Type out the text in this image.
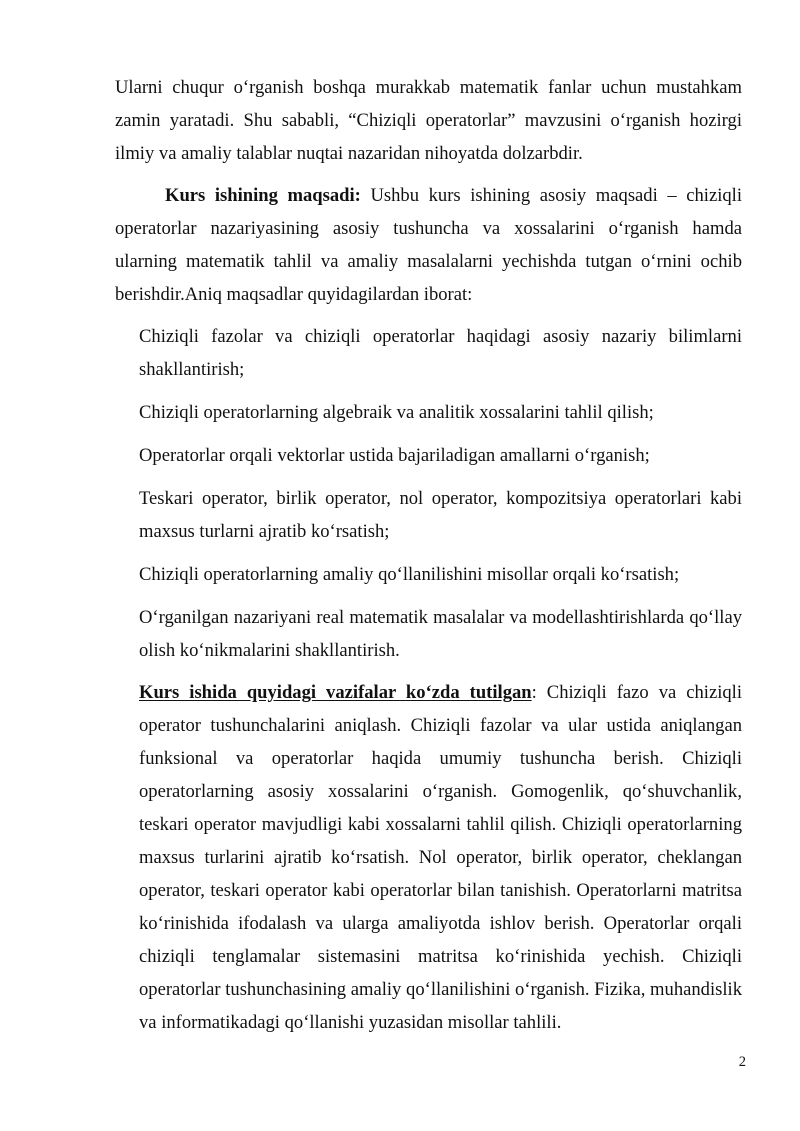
Ularni chuqur o‘rganish boshqa murakkab matematik fanlar uchun mustahkam zamin yaratadi. Shu sababli, “Chiziqli operatorlar” mavzusini o‘rganish hozirgi ilmiy va amaliy talablar nuqtai nazaridan nihoyatda dolzarbdir.

Kurs ishining maqsadi: Ushbu kurs ishining asosiy maqsadi – chiziqli operatorlar nazariyasining asosiy tushuncha va xossalarini o‘rganish hamda ularning matematik tahlil va amaliy masalalarni yechishda tutgan o‘rnini ochib berishdir.Aniq maqsadlar quyidagilardan iborat:

Chiziqli fazolar va chiziqli operatorlar haqidagi asosiy nazariy bilimlarni shakllantirish;
Chiziqli operatorlarning algebraik va analitik xossalarini tahlil qilish;
Operatorlar orqali vektorlar ustida bajariladigan amallarni o‘rganish;
Teskari operator, birlik operator, nol operator, kompozitsiya operatorlari kabi maxsus turlarni ajratib ko‘rsatish;
Chiziqli operatorlarning amaliy qo‘llanilishini misollar orqali ko‘rsatish;
O‘rganilgan nazariyani real matematik masalalar va modellashtirishlarda qo‘llay olish ko‘nikmalarini shakllantirish.

Kurs ishida quyidagi vazifalar ko‘zda tutilgan: Chiziqli fazo va chiziqli operator tushunchalarini aniqlash. Chiziqli fazolar va ular ustida aniqlangan funksional va operatorlar haqida umumiy tushuncha berish. Chiziqli operatorlarning asosiy xossalarini o‘rganish. Gomogenlik, qo‘shuvchanlik, teskari operator mavjudligi kabi xossalarni tahlil qilish. Chiziqli operatorlarning maxsus turlarini ajratib ko‘rsatish. Nol operator, birlik operator, cheklangan operator, teskari operator kabi operatorlar bilan tanishish. Operatorlarni matritsa ko‘rinishida ifodalash va ularga amaliyotda ishlov berish. Operatorlar orqali chiziqli tenglamalar sistemasini matritsa ko‘rinishida yechish. Chiziqli operatorlar tushunchasining amaliy qo‘llanilishini o‘rganish. Fizika, muhandislik va informatikadagi qo‘llanishi yuzasidan misollar tahlili.

2
